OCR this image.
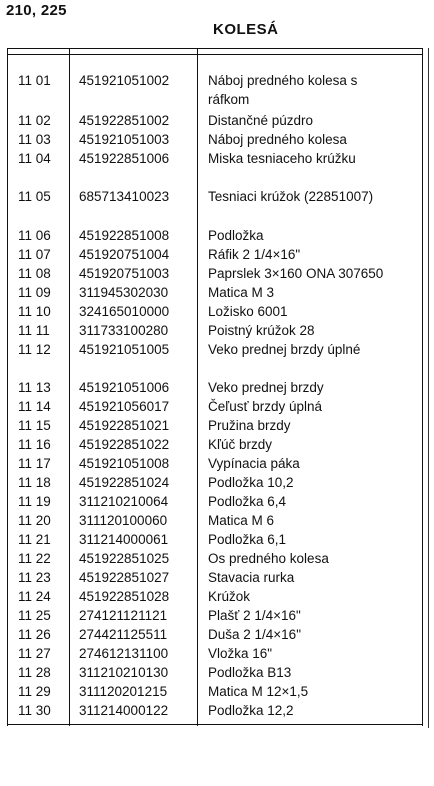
210, 225
KOLESÁ
11 01 451921051002	Náboj predného kolesa s
ráfkom
11 02 451922851002	Distančné púzdro
11 03 451921051003	Náboj predného kolesa
11 04 451922851006	Miska tesniaceho krúžku
11 05 685713410023	Tesniaci krúžok (22851007)
11 06 451922851008	Podložka
11 07 451920751004	Ráfik 2 1/4×16"
11 08 451920751003	Paprslek 3×160 ONA 307650
11 09 311945302030	Matica M 3
11 10 324165010000	Ložisko 6001
11 11 311733100280	Poistný krúžok 28
11 12 451921051005	Veko prednej brzdy úplné
11 13 451921051006	Veko prednej brzdy
11 14 451921056017	Čeľusť brzdy úplná
11 15 451922851021	Pružina brzdy
11 16 451922851022	Kľúč brzdy
11 17 451921051008	Vypínacia páka
11 18 451922851024	Podložka 10,2
11 19 311210210064	Podložka 6,4
11 20 311120100060	Matica M 6
11 21 311214000061	Podložka 6,1
11 22 451922851025	Os predného kolesa
11 23 451922851027	Stavacia rurka
11 24 451922851028	Krúžok
11 25 274121121121	Plašť 2 1/4×16"
11 26 274421125511	Duša 2 1/4×16"
11 27 274612131100	Vložka 16"
11 28 311210210130	Podložka B13
11 29 311120201215	Matica M 12×1,5
11 30 311214000122	Podložka 12,2
